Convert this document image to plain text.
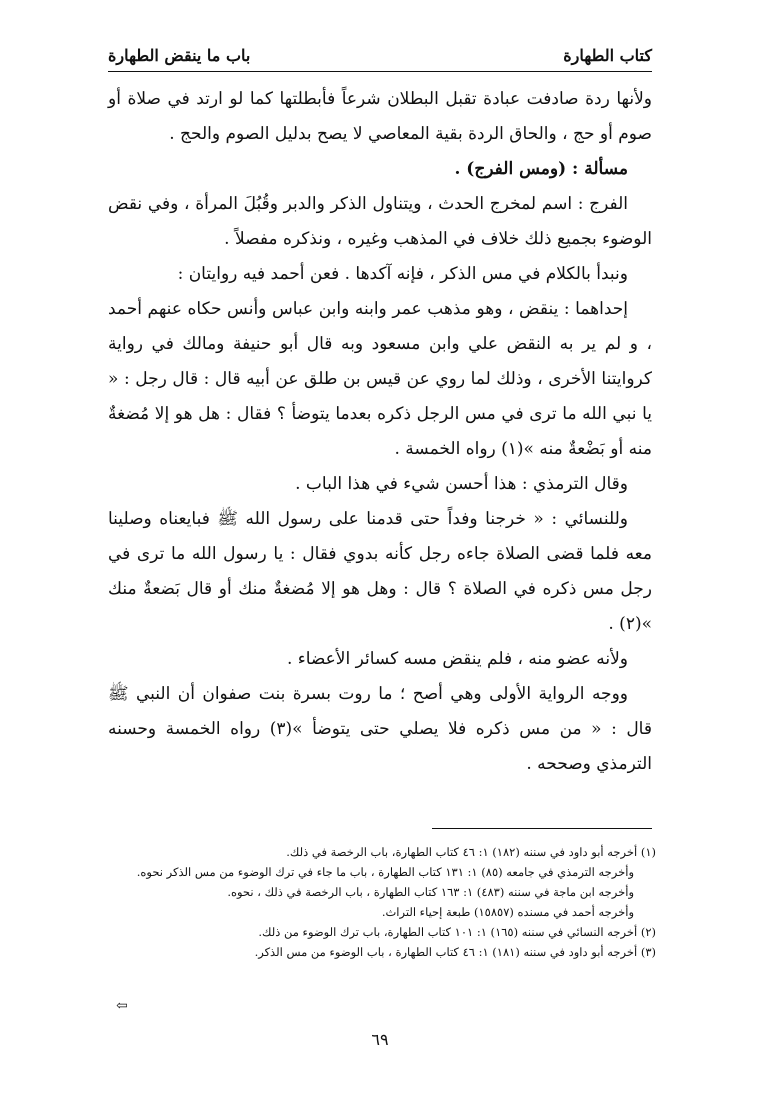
كتاب الطهارة
باب ما ينقض الطهارة

ولأنها ردة صادفت عبادة تقبل البطلان شرعاً فأبطلتها كما لو ارتد في صلاة أو صوم أو حج ، والحاق الردة بقية المعاصي لا يصح بدليل الصوم والحج .

مسألة : (ومس الفرج) .

الفرج : اسم لمخرج الحدث ، ويتناول الذكر والدبر وقُبُلَ المرأة ، وفي نقض الوضوء بجميع ذلك خلاف في المذهب وغيره ، ونذكره مفصلاً .

ونبدأ بالكلام في مس الذكر ، فإنه آكدها . فعن أحمد فيه روايتان :

إحداهما : ينقض ، وهو مذهب عمر وابنه وابن عباس وأنس حكاه عنهم أحمد ، و لم ير به النقض علي وابن مسعود وبه قال أبو حنيفة ومالك في رواية كروايتنا الأخرى ، وذلك لما روي عن قيس بن طلق عن أبيه قال : قال رجل : « يا نبي الله ما ترى في مس الرجل ذكره بعدما يتوضأ ؟ فقال : هل هو إلا مُضغةٌ منه أو بَضْعةٌ منه »(١) رواه الخمسة .

وقال الترمذي : هذا أحسن شيء في هذا الباب .

وللنسائي : « خرجنا وفداً حتى قدمنا على رسول الله ﷺ فبايعناه وصلينا معه فلما قضى الصلاة جاءه رجل كأنه بدوي فقال : يا رسول الله ما ترى في رجل مس ذكره في الصلاة ؟ قال : وهل هو إلا مُضغةٌ منك أو قال بَضعةٌ منك »(٢) .

ولأنه عضو منه ، فلم ينقض مسه كسائر الأعضاء .

ووجه الرواية الأولى وهي أصح ؛ ما روت بسرة بنت صفوان أن النبي ﷺ قال : « من مس ذكره فلا يصلي حتى يتوضأ »(٣) رواه الخمسة وحسنه الترمذي وصححه .

(١) أخرجه أبو داود في سننه (١٨٢) ١: ٤٦ كتاب الطهارة، باب الرخصة في ذلك.

وأخرجه الترمذي في جامعه (٨٥) ١: ١٣١ كتاب الطهارة ، باب ما جاء في ترك الوضوء من مس الذكر نحوه.

وأخرجه ابن ماجة في سننه (٤٨٣) ١: ١٦٣ كتاب الطهارة ، باب الرخصة في ذلك ، نحوه.

وأخرجه أحمد في مسنده (١٥٨٥٧) طبعة إحياء التراث.

(٢) أخرجه النسائي في سننه (١٦٥) ١: ١٠١ كتاب الطهارة، باب ترك الوضوء من ذلك.

(٣) أخرجه أبو داود في سننه (١٨١) ١: ٤٦ كتاب الطهارة ، باب الوضوء من مس الذكر.

⇦
٦٩
